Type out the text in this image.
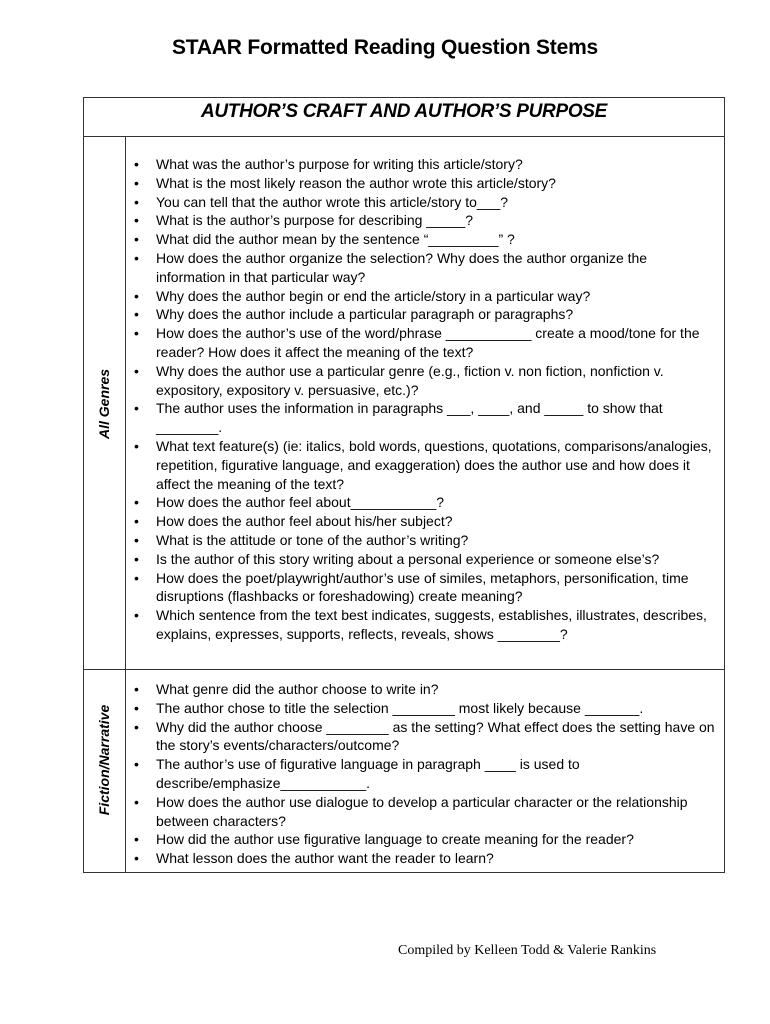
STAAR Formatted Reading Question Stems
AUTHOR’S CRAFT AND AUTHOR’S PURPOSE
All Genres
• What was the author’s purpose for writing this article/story?
• What is the most likely reason the author wrote this article/story?
• You can tell that the author wrote this article/story to___?
• What is the author’s purpose for describing _____?
• What did the author mean by the sentence “_________” ?
• How does the author organize the selection? Why does the author organize the information in that particular way?
• Why does the author begin or end the article/story in a particular way?
• Why does the author include a particular paragraph or paragraphs?
• How does the author’s use of the word/phrase ___________ create a mood/tone for the reader? How does it affect the meaning of the text?
• Why does the author use a particular genre (e.g., fiction v. non fiction, nonfiction v. expository, expository v. persuasive, etc.)?
• The author uses the information in paragraphs ___, ____, and _____ to show that ________.
• What text feature(s) (ie: italics, bold words, questions, quotations, comparisons/analogies, repetition, figurative language, and exaggeration) does the author use and how does it affect the meaning of the text?
• How does the author feel about___________?
• How does the author feel about his/her subject?
• What is the attitude or tone of the author’s writing?
• Is the author of this story writing about a personal experience or someone else’s?
• How does the poet/playwright/author’s use of similes, metaphors, personification, time disruptions (flashbacks or foreshadowing) create meaning?
• Which sentence from the text best indicates, suggests, establishes, illustrates, describes, explains, expresses, supports, reflects, reveals, shows ________?
Fiction/Narrative
• What genre did the author choose to write in?
• The author chose to title the selection ________ most likely because _______.
• Why did the author choose ________ as the setting? What effect does the setting have on the story’s events/characters/outcome?
• The author’s use of figurative language in paragraph ____ is used to describe/emphasize___________.
• How does the author use dialogue to develop a particular character or the relationship between characters?
• How did the author use figurative language to create meaning for the reader?
• What lesson does the author want the reader to learn?
Compiled by Kelleen Todd & Valerie Rankins
